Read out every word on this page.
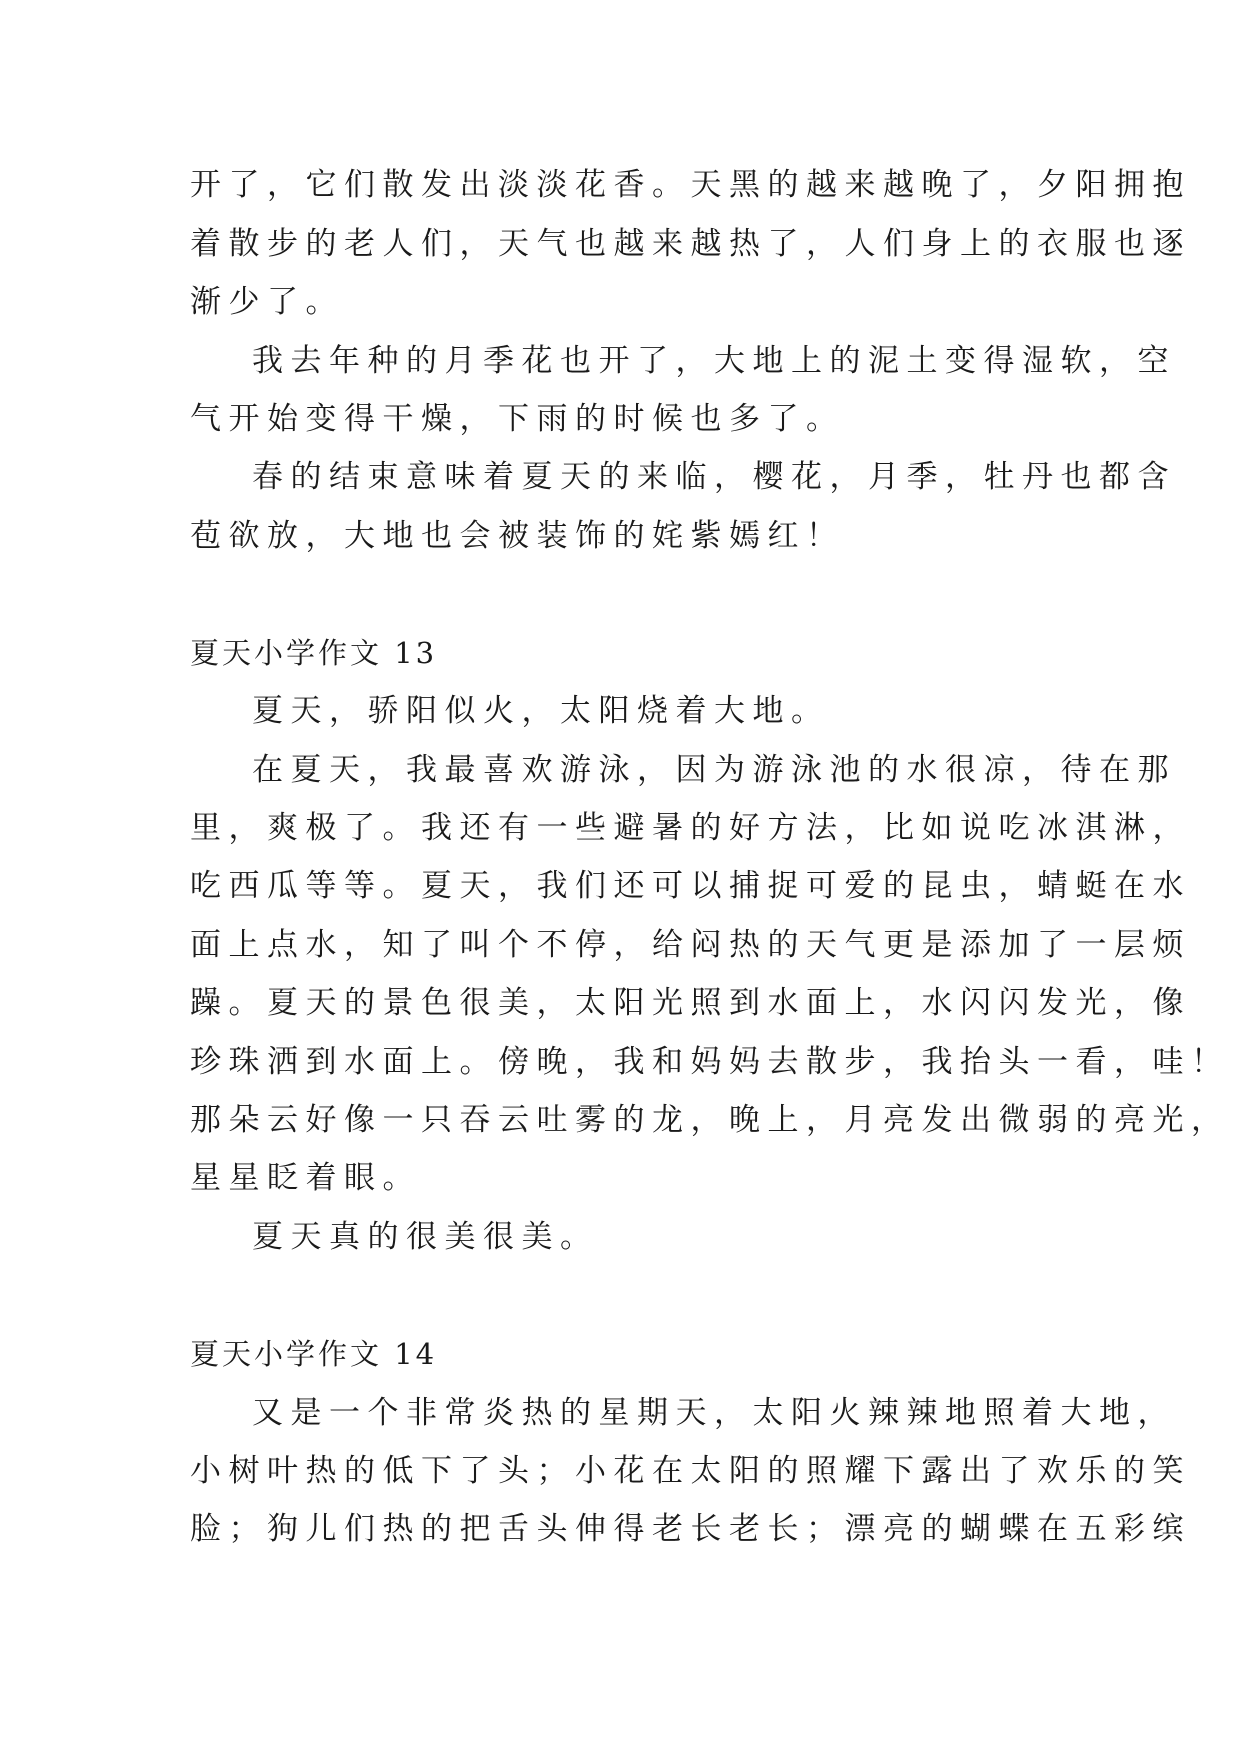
开了，它们散发出淡淡花香。天黑的越来越晚了，夕阳拥抱
着散步的老人们，天气也越来越热了，人们身上的衣服也逐
渐少了。
我去年种的月季花也开了，大地上的泥土变得湿软，空
气开始变得干燥，下雨的时候也多了。
春的结束意味着夏天的来临，樱花，月季，牡丹也都含
苞欲放，大地也会被装饰的姹紫嫣红！
夏天小学作文 13
夏天，骄阳似火，太阳烧着大地。
在夏天，我最喜欢游泳，因为游泳池的水很凉，待在那
里，爽极了。我还有一些避暑的好方法，比如说吃冰淇淋，
吃西瓜等等。夏天，我们还可以捕捉可爱的昆虫，蜻蜓在水
面上点水，知了叫个不停，给闷热的天气更是添加了一层烦
躁。夏天的景色很美，太阳光照到水面上，水闪闪发光，像
珍珠洒到水面上。傍晚，我和妈妈去散步，我抬头一看，哇！
那朵云好像一只吞云吐雾的龙，晚上，月亮发出微弱的亮光，
星星眨着眼。
夏天真的很美很美。
夏天小学作文 14
又是一个非常炎热的星期天，太阳火辣辣地照着大地，
小树叶热的低下了头；小花在太阳的照耀下露出了欢乐的笑
脸；狗儿们热的把舌头伸得老长老长；漂亮的蝴蝶在五彩缤
